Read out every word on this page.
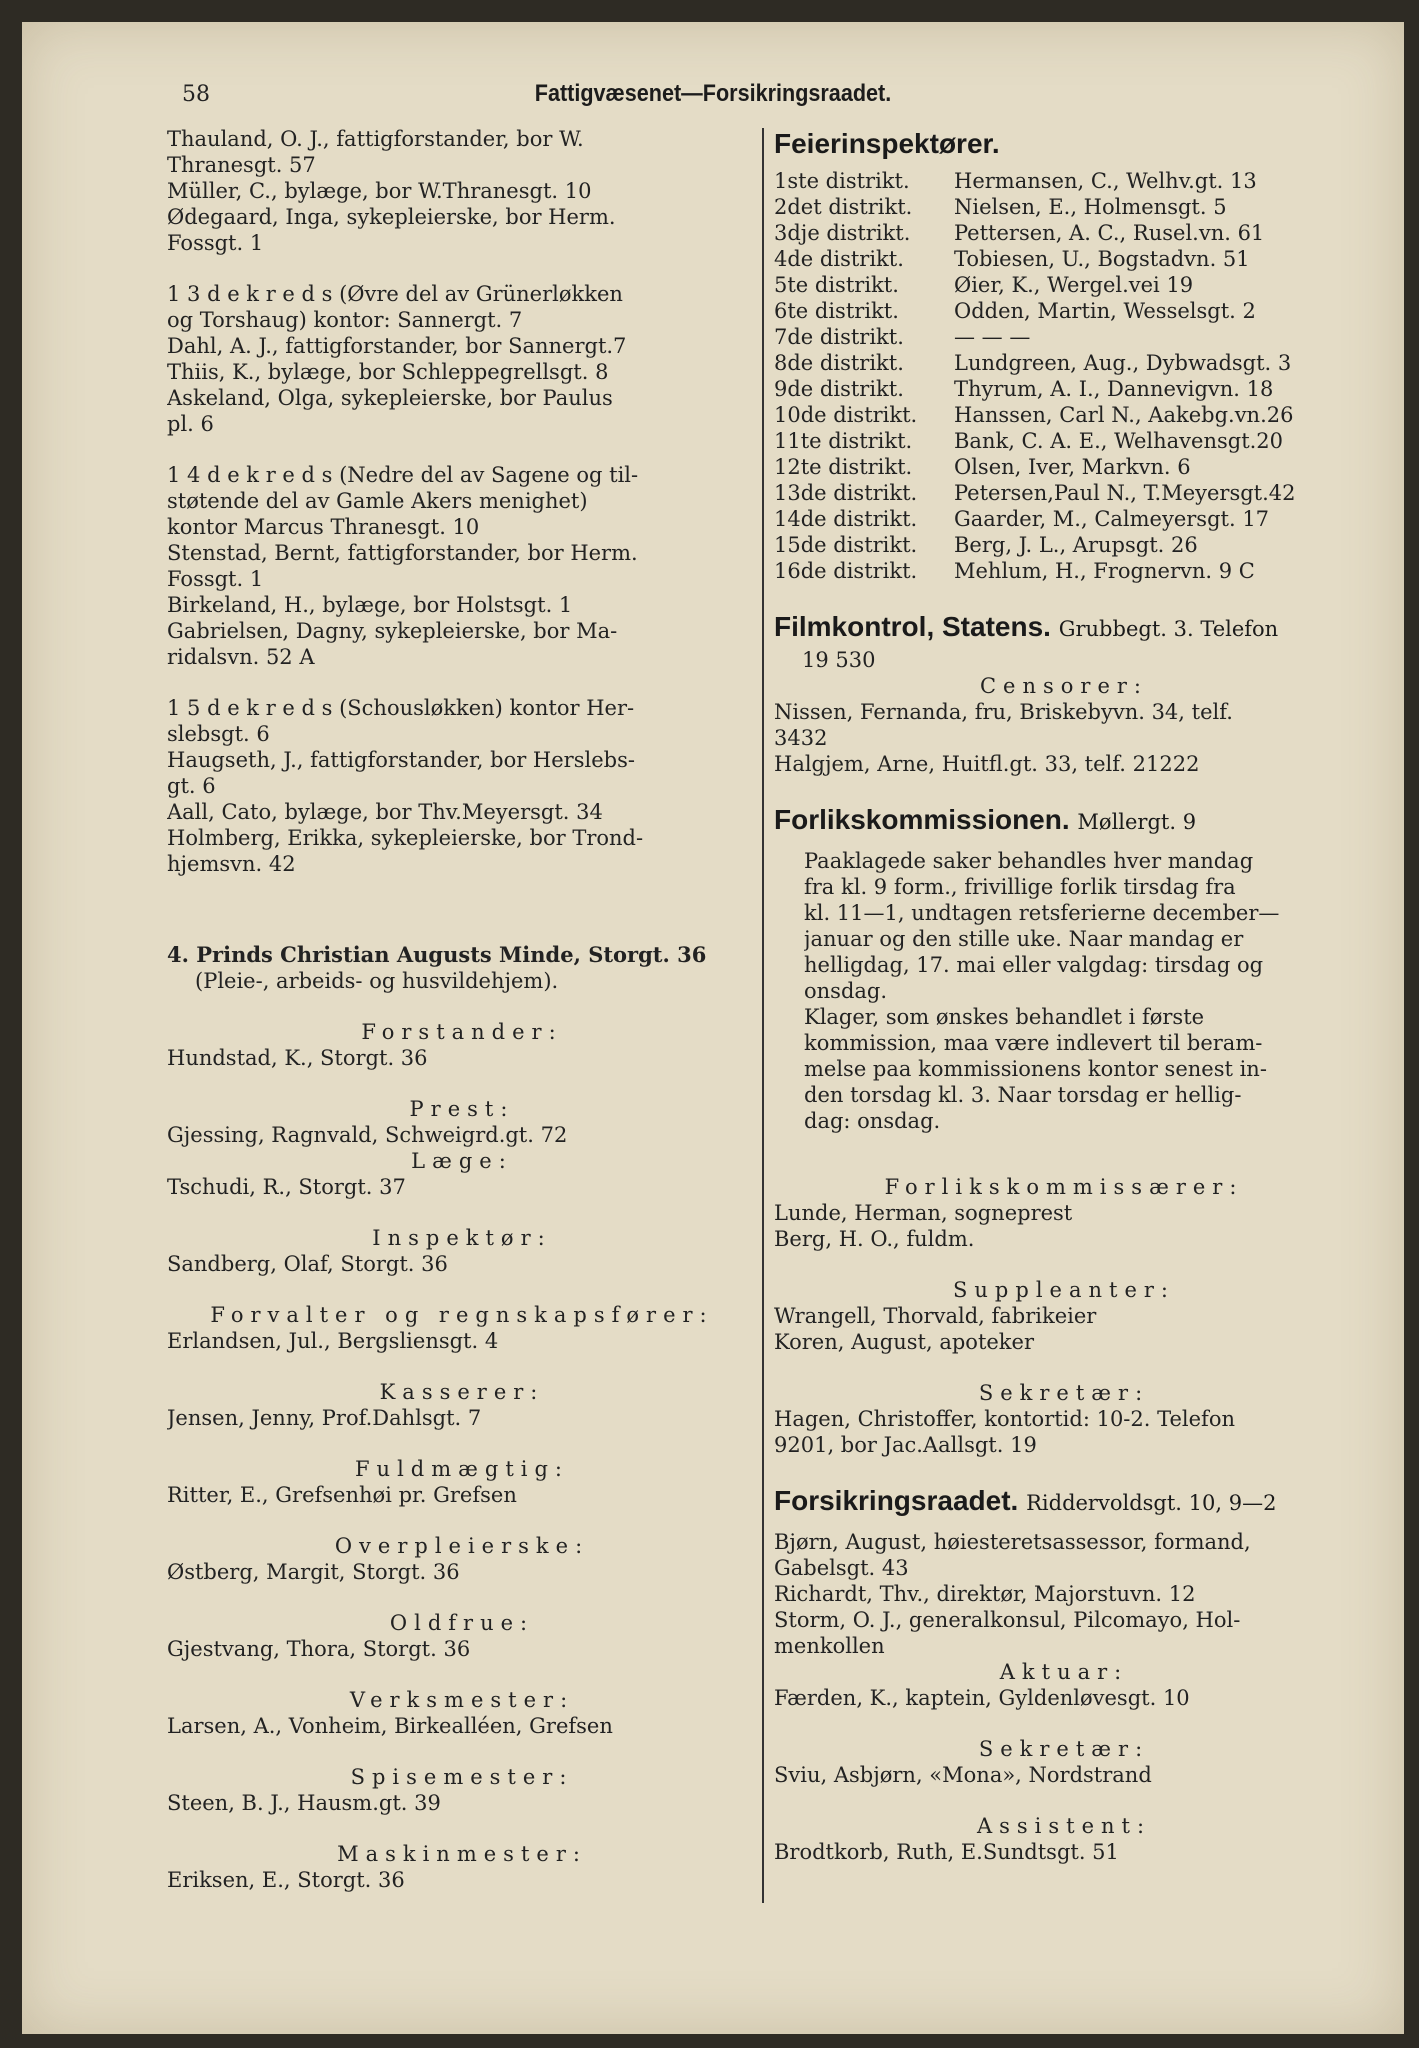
58	Fattigvæsenet—Forsikringsraadet.
Thauland, O. J., fattigforstander, bor W.
Thranesgt. 57
Müller, C., bylæge, bor W.Thranesgt. 10
Ødegaard, Inga, sykepleierske, bor Herm.
Fossgt. 1
1 3 d e k r e d s (Øvre del av Grünerløkken
og Torshaug) kontor: Sannergt. 7
Dahl, A. J., fattigforstander, bor Sannergt.7
Thiis, K., bylæge, bor Schleppegrellsgt. 8
Askeland, Olga, sykepleierske, bor Paulus
pl. 6
1 4 d e k r e d s (Nedre del av Sagene og til-
støtende del av Gamle Akers menighet)
kontor Marcus Thranesgt. 10
Stenstad, Bernt, fattigforstander, bor Herm.
Fossgt. 1
Birkeland, H., bylæge, bor Holstsgt. 1
Gabrielsen, Dagny, sykepleierske, bor Ma-
ridalsvn. 52 A
1 5 d e k r e d s (Schousløkken) kontor Her-
slebsgt. 6
Haugseth, J., fattigforstander, bor Herslebs-
gt. 6
Aall, Cato, bylæge, bor Thv.Meyersgt. 34
Holmberg, Erikka, sykepleierske, bor Trond-
hjemsvn. 42
4. Prinds Christian Augusts Minde, Storgt. 36
(Pleie-, arbeids- og husvildehjem).
Forstander:
Hundstad, K., Storgt. 36
Prest:
Gjessing, Ragnvald, Schweigrd.gt. 72
Læge:
Tschudi, R., Storgt. 37
Inspektør:
Sandberg, Olaf, Storgt. 36
Forvalter og regnskapsfører:
Erlandsen, Jul., Bergsliensgt. 4
Kasserer:
Jensen, Jenny, Prof.Dahlsgt. 7
Fuldmægtig:
Ritter, E., Grefsenhøi pr. Grefsen
Overpleierske:
Østberg, Margit, Storgt. 36
Oldfrue:
Gjestvang, Thora, Storgt. 36
Verksmester:
Larsen, A., Vonheim, Birkealléen, Grefsen
Spisemester:
Steen, B. J., Hausm.gt. 39
Maskinmester:
Eriksen, E., Storgt. 36
Feierinspektører.
1ste distrikt.	Hermansen, C., Welhv.gt. 13
2det distrikt.	Nielsen, E., Holmensgt. 5
3dje distrikt.	Pettersen, A. C., Rusel.vn. 61
4de distrikt.	Tobiesen, U., Bogstadvn. 51
5te distrikt.	Øier, K., Wergel.vei 19
6te distrikt.	Odden, Martin, Wesselsgt. 2
7de distrikt.	— — —
8de distrikt.	Lundgreen, Aug., Dybwadsgt. 3
9de distrikt.	Thyrum, A. I., Dannevigvn. 18
10de distrikt.	Hanssen, Carl N., Aakebg.vn.26
11te distrikt.	Bank, C. A. E., Welhavensgt.20
12te distrikt.	Olsen, Iver, Markvn. 6
13de distrikt.	Petersen,Paul N., T.Meyersgt.42
14de distrikt.	Gaarder, M., Calmeyersgt. 17
15de distrikt.	Berg, J. L., Arupsgt. 26
16de distrikt.	Mehlum, H., Frognervn. 9 C
Filmkontrol, Statens. Grubbegt. 3. Telefon
19 530
Censorer:
Nissen, Fernanda, fru, Briskebyvn. 34, telf.
3432
Halgjem, Arne, Huitfl.gt. 33, telf. 21222
Forlikskommissionen. Møllergt. 9
Paaklagede saker behandles hver mandag
fra kl. 9 form., frivillige forlik tirsdag fra
kl. 11—1, undtagen retsferierne december—
januar og den stille uke. Naar mandag er
helligdag, 17. mai eller valgdag: tirsdag og
onsdag.
Klager, som ønskes behandlet i første
kommission, maa være indlevert til beram-
melse paa kommissionens kontor senest in-
den torsdag kl. 3. Naar torsdag er hellig-
dag: onsdag.
Forlikskommissærer:
Lunde, Herman, sogneprest
Berg, H. O., fuldm.
Suppleanter:
Wrangell, Thorvald, fabrikeier
Koren, August, apoteker
Sekretær:
Hagen, Christoffer, kontortid: 10-2. Telefon
9201, bor Jac.Aallsgt. 19
Forsikringsraadet. Riddervoldsgt. 10, 9—2
Bjørn, August, høiesteretsassessor, formand,
Gabelsgt. 43
Richardt, Thv., direktør, Majorstuvn. 12
Storm, O. J., generalkonsul, Pilcomayo, Hol-
menkollen
Aktuar:
Færden, K., kaptein, Gyldenløvesgt. 10
Sekretær:
Sviu, Asbjørn, «Mona», Nordstrand
Assistent:
Brodtkorb, Ruth, E.Sundtsgt. 51
